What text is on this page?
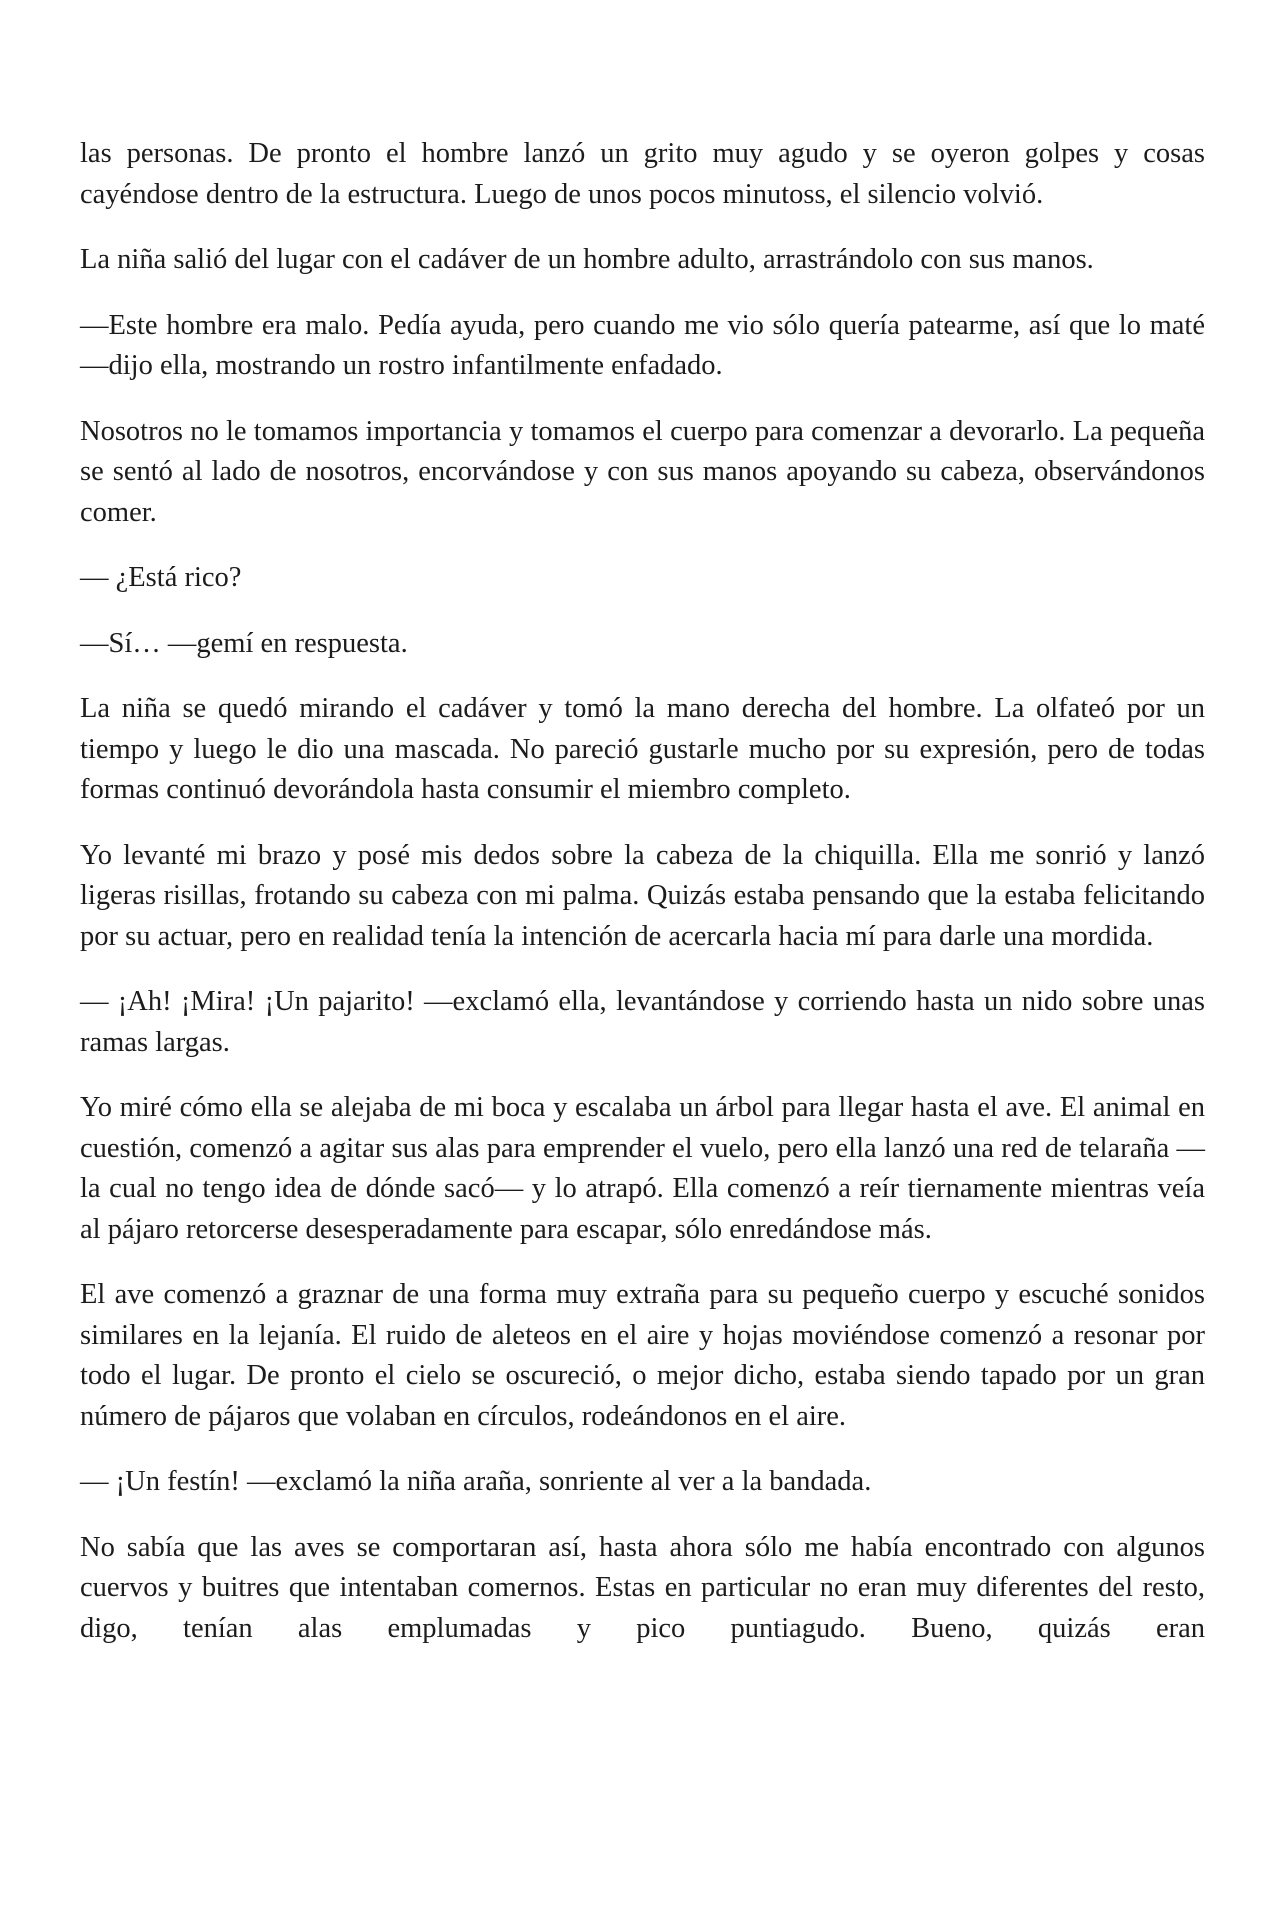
las personas. De pronto el hombre lanzó un grito muy agudo y se oyeron golpes y cosas cayéndose dentro de la estructura. Luego de unos pocos minutoss, el silencio volvió.

La niña salió del lugar con el cadáver de un hombre adulto, arrastrándolo con sus manos.

—Este hombre era malo. Pedía ayuda, pero cuando me vio sólo quería patearme, así que lo maté —dijo ella, mostrando un rostro infantilmente enfadado.

Nosotros no le tomamos importancia y tomamos el cuerpo para comenzar a devorarlo. La pequeña se sentó al lado de nosotros, encorvándose y con sus manos apoyando su cabeza, observándonos comer.

— ¿Está rico?

—Sí… —gemí en respuesta.

La niña se quedó mirando el cadáver y tomó la mano derecha del hombre. La olfateó por un tiempo y luego le dio una mascada. No pareció gustarle mucho por su expresión, pero de todas formas continuó devorándola hasta consumir el miembro completo.

Yo levanté mi brazo y posé mis dedos sobre la cabeza de la chiquilla. Ella me sonrió y lanzó ligeras risillas, frotando su cabeza con mi palma. Quizás estaba pensando que la estaba felicitando por su actuar, pero en realidad tenía la intención de acercarla hacia mí para darle una mordida.

— ¡Ah! ¡Mira! ¡Un pajarito! —exclamó ella, levantándose y corriendo hasta un nido sobre unas ramas largas.

Yo miré cómo ella se alejaba de mi boca y escalaba un árbol para llegar hasta el ave. El animal en cuestión, comenzó a agitar sus alas para emprender el vuelo, pero ella lanzó una red de telaraña —la cual no tengo idea de dónde sacó— y lo atrapó. Ella comenzó a reír tiernamente mientras veía al pájaro retorcerse desesperadamente para escapar, sólo enredándose más.

El ave comenzó a graznar de una forma muy extraña para su pequeño cuerpo y escuché sonidos similares en la lejanía. El ruido de aleteos en el aire y hojas moviéndose comenzó a resonar por todo el lugar. De pronto el cielo se oscureció, o mejor dicho, estaba siendo tapado por un gran número de pájaros que volaban en círculos, rodeándonos en el aire.

— ¡Un festín! —exclamó la niña araña, sonriente al ver a la bandada.

No sabía que las aves se comportaran así, hasta ahora sólo me había encontrado con algunos cuervos y buitres que intentaban comernos. Estas en particular no eran muy diferentes del resto, digo, tenían alas emplumadas y pico puntiagudo. Bueno, quizás eran
